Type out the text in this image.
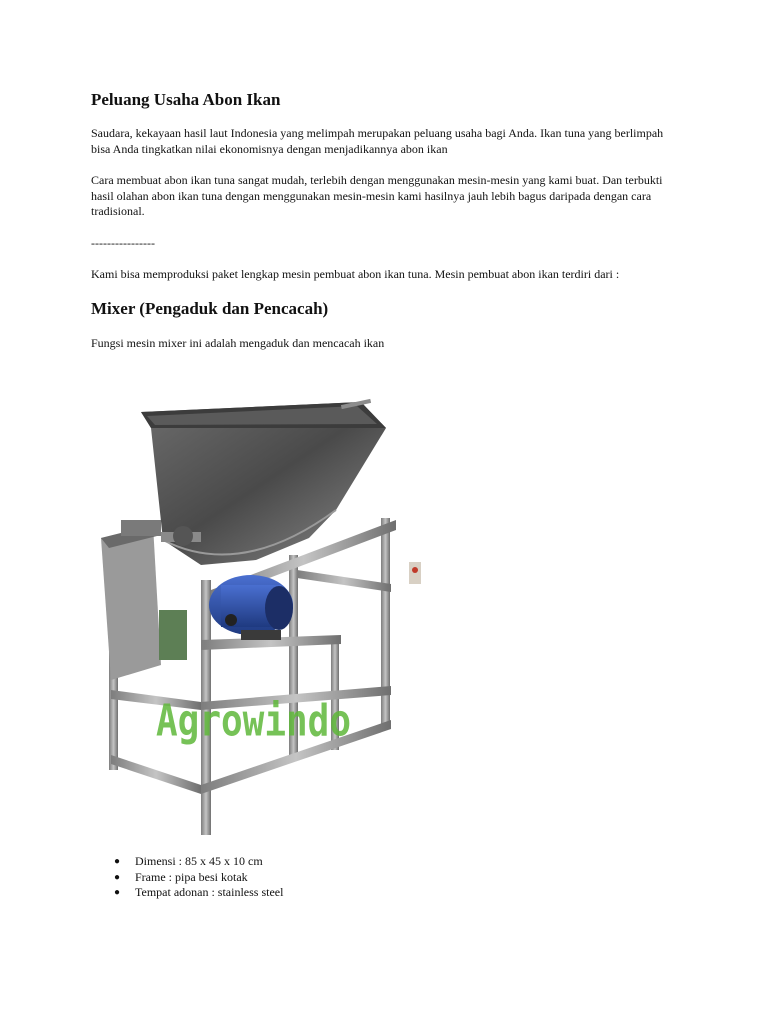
Peluang Usaha Abon Ikan

Saudara, kekayaan hasil laut Indonesia yang melimpah merupakan peluang usaha bagi Anda. Ikan tuna yang berlimpah bisa Anda tingkatkan nilai ekonomisnya dengan menjadikannya abon ikan

Cara membuat abon ikan tuna sangat mudah, terlebih dengan menggunakan mesin-mesin yang kami buat. Dan terbukti hasil olahan abon ikan tuna dengan menggunakan mesin-mesin kami hasilnya jauh lebih bagus daripada dengan cara tradisional.

----------------

Kami bisa memproduksi paket lengkap mesin pembuat abon ikan tuna. Mesin pembuat abon ikan terdiri dari :

Mixer (Pengaduk dan Pencacah)

Fungsi mesin mixer ini adalah mengaduk dan mencacah ikan

Agrowindo
● Dimensi : 85 x 45 x 10 cm
● Frame : pipa besi kotak
● Tempat adonan : stainless steel
